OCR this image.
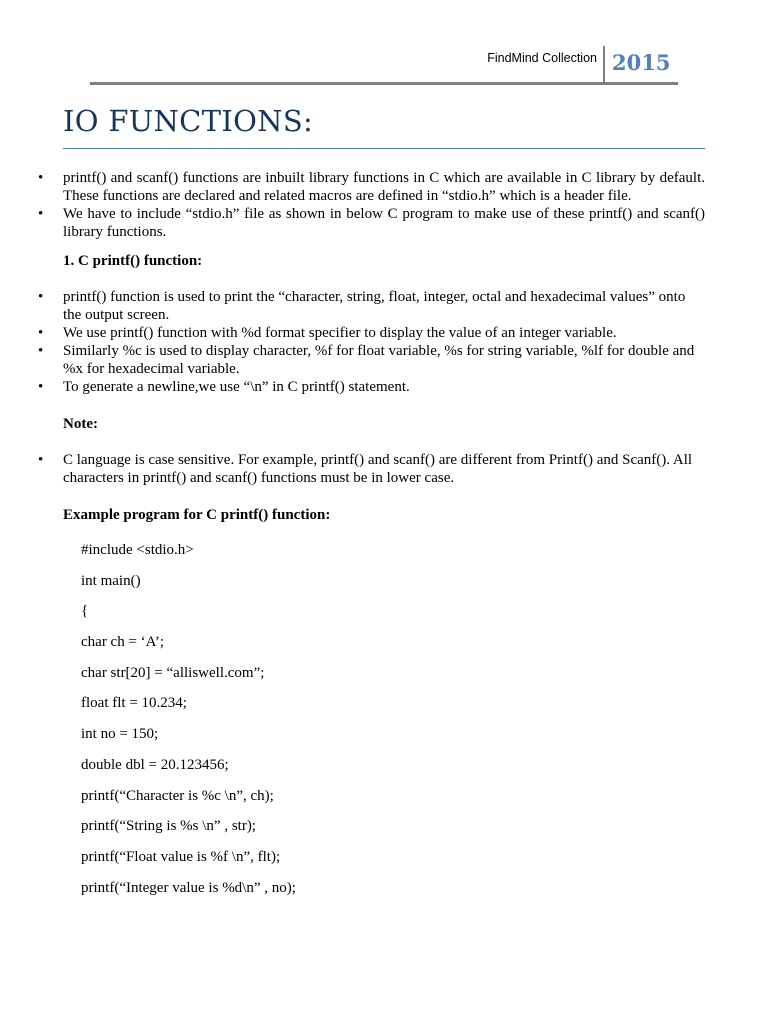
FindMind Collection 2015
IO FUNCTIONS:
• printf() and scanf() functions are inbuilt library functions in C which are available in C library by default. These functions are declared and related macros are defined in “stdio.h” which is a header file.
• We have to include “stdio.h” file as shown in below C program to make use of these printf() and scanf() library functions.

1. C printf() function:

• printf() function is used to print the “character, string, float, integer, octal and hexadecimal values” onto the output screen.
• We use printf() function with %d format specifier to display the value of an integer variable.
• Similarly %c is used to display character, %f for float variable, %s for string variable, %lf for double and %x for hexadecimal variable.
• To generate a newline,we use “\n” in C printf() statement.

Note:

• C language is case sensitive. For example, printf() and scanf() are different from Printf() and Scanf(). All characters in printf() and scanf() functions must be in lower case.

Example program for C printf() function:

#include <stdio.h>
int main()
{
char ch = ‘A’;
char str[20] = “alliswell.com”;
float flt = 10.234;
int no = 150;
double dbl = 20.123456;
printf(“Character is %c \n”, ch);
printf(“String is %s \n” , str);
printf(“Float value is %f \n”, flt);
printf(“Integer value is %d\n” , no);
